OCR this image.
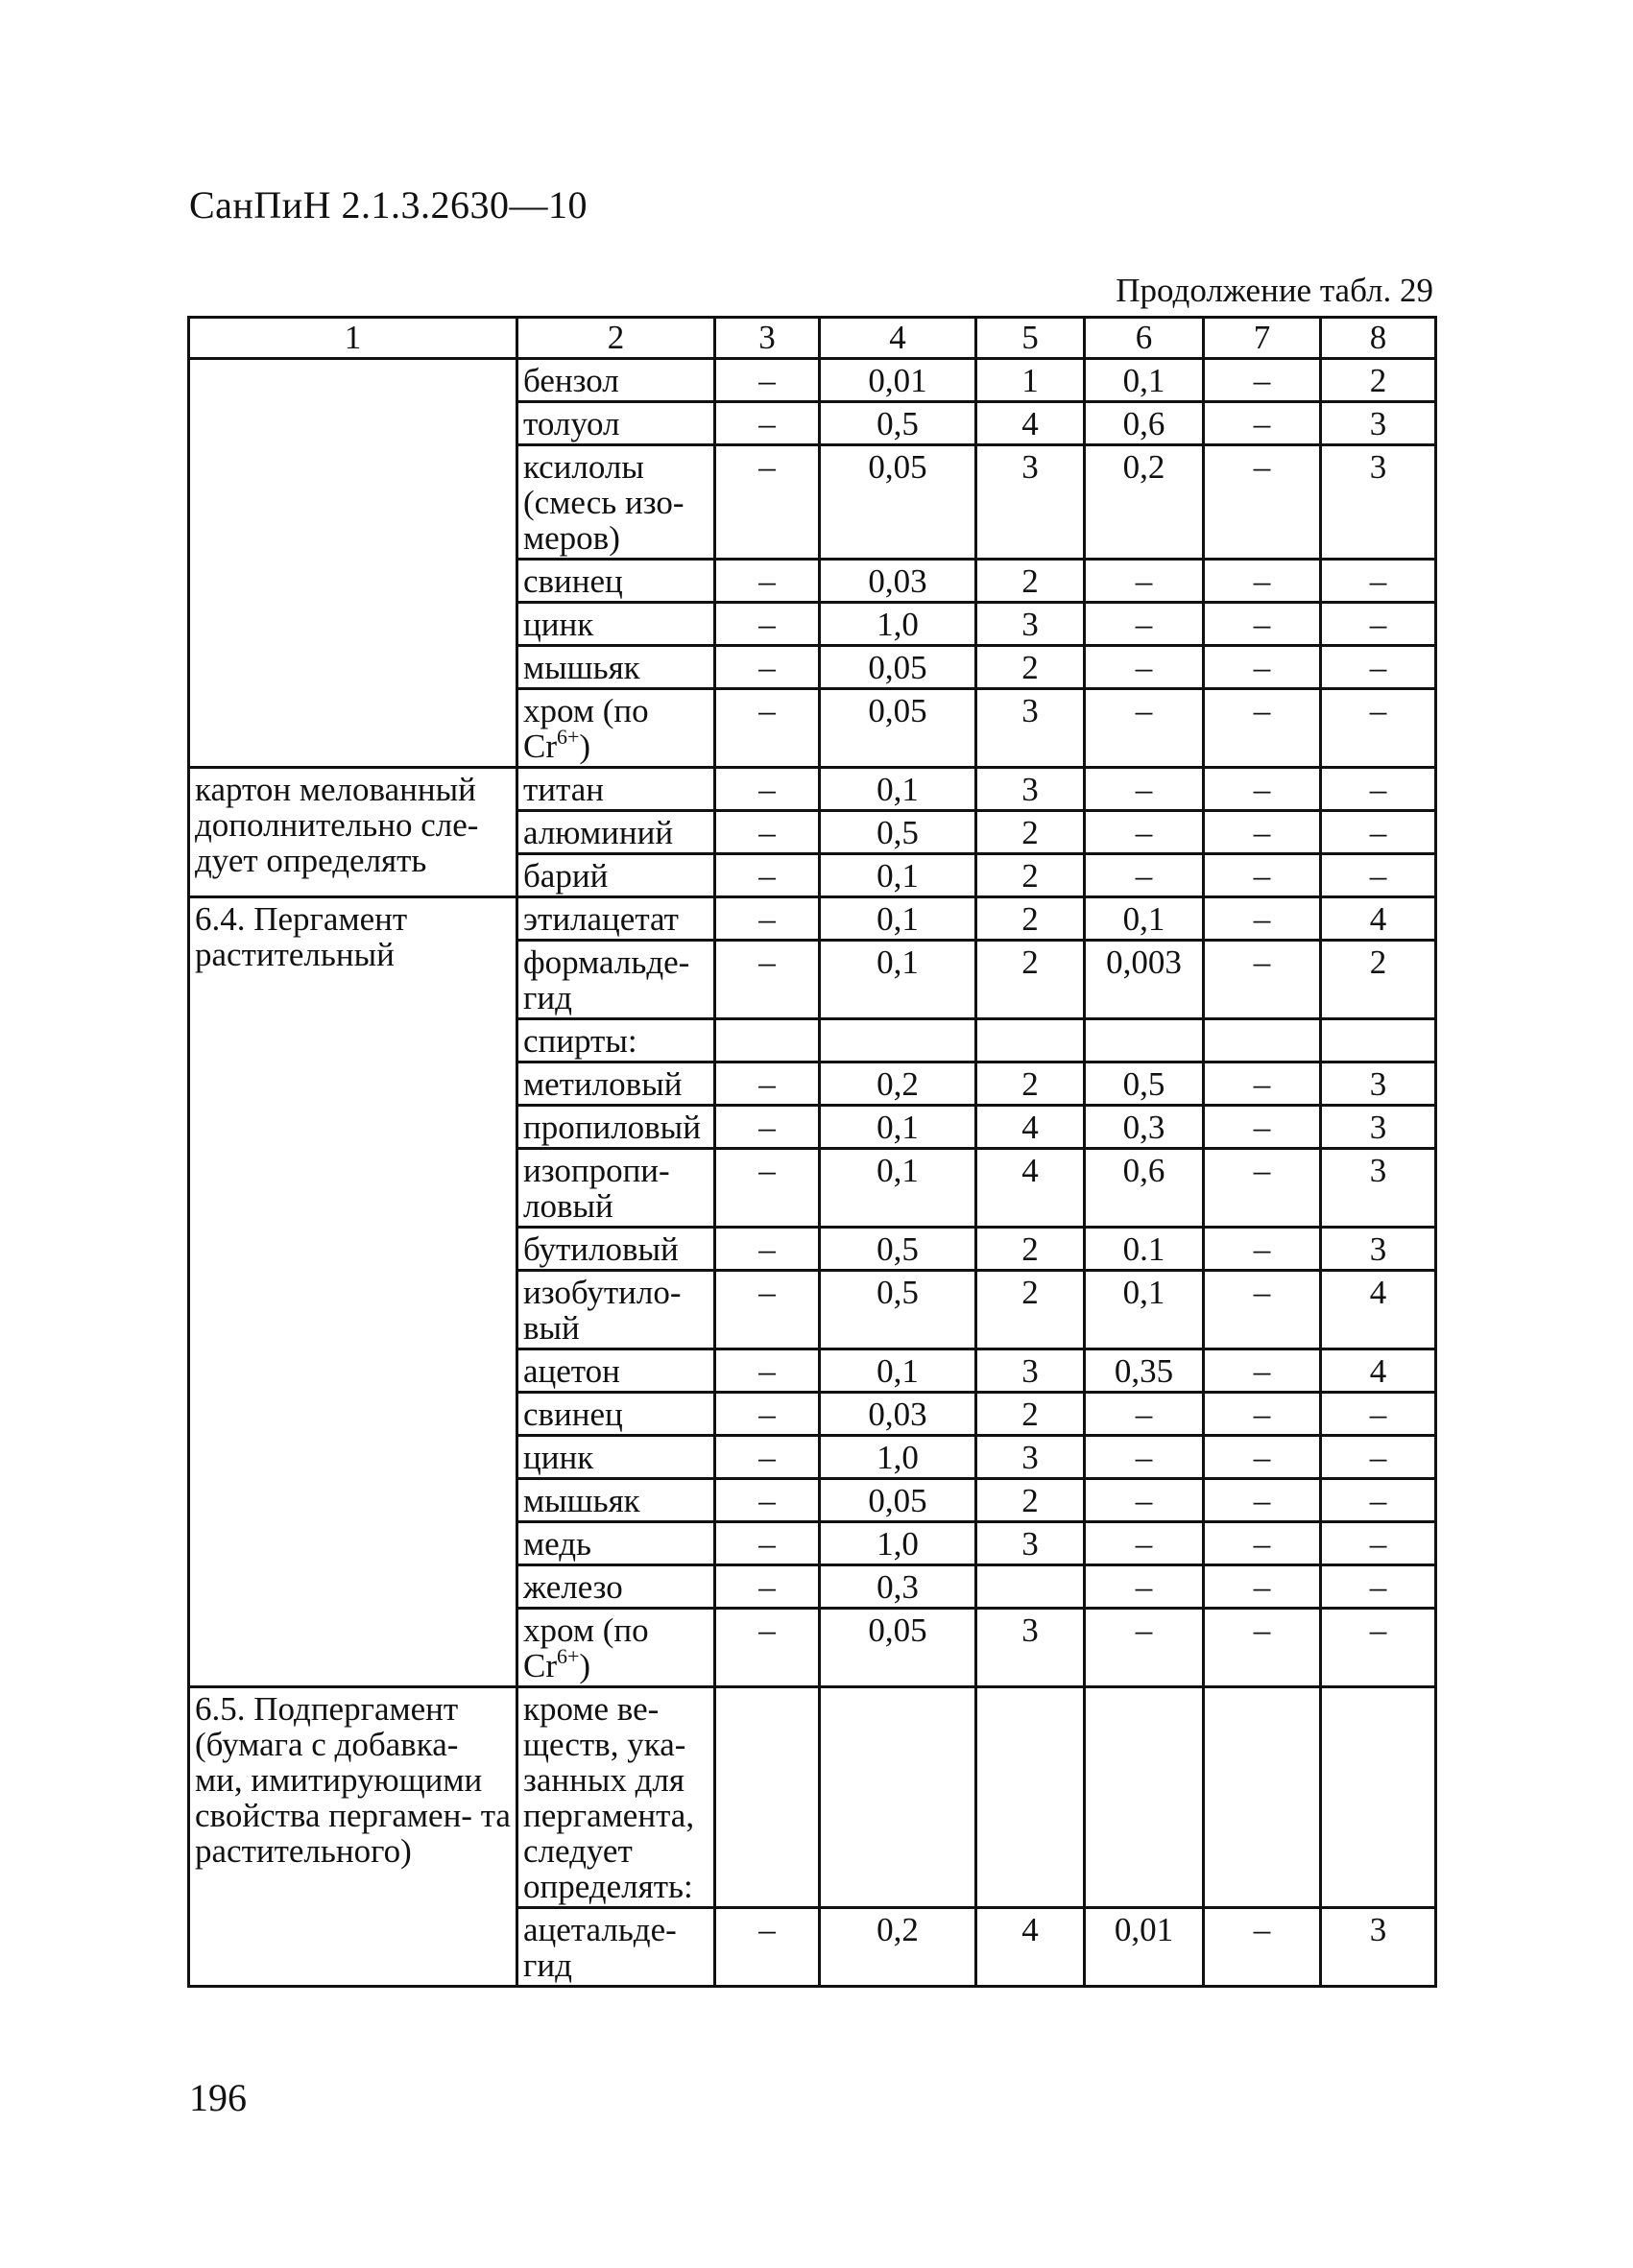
СанПиН 2.1.3.2630—10
Продолжение табл. 29
1	2	3	4	5	6	7	8
	бензол	–	0,01	1	0,1	–	2
	толуол	–	0,5	4	0,6	–	3
	ксилолы (смесь изо- меров)	–	0,05	3	0,2	–	3
	свинец	–	0,03	2	–	–	–
	цинк	–	1,0	3	–	–	–
	мышьяк	–	0,05	2	–	–	–
	хром (по $Cr^{6+}$)	–	0,05	3	–	–	–
картон мелованный дополнительно сле- дует определять	титан	–	0,1	3	–	–	–
	алюминий	–	0,5	2	–	–	–
	барий	–	0,1	2	–	–	–
6.4. Пергамент растительный	этилацетат	–	0,1	2	0,1	–	4
	формальде- гид	–	0,1	2	0,003	–	2
	спирты:						
	метиловый	–	0,2	2	0,5	–	3
	пропиловый	–	0,1	4	0,3	–	3
	изопропи- ловый	–	0,1	4	0,6	–	3
	бутиловый	–	0,5	2	0.1	–	3
	изобутило- вый	–	0,5	2	0,1	–	4
	ацетон	–	0,1	3	0,35	–	4
	свинец	–	0,03	2	–	–	–
	цинк	–	1,0	3	–	–	–
	мышьяк	–	0,05	2	–	–	–
	медь	–	1,0	3	–	–	–
	железо	–	0,3		–	–	–
	хром (по $Cr^{6+}$)	–	0,05	3	–	–	–
6.5. Подпергамент (бумага с добавка- ми, имитирующими свойства пергамен- та растительного)	кроме ве- ществ, ука- занных для пергамента, следует определять:						
	ацетальде- гид	–	0,2	4	0,01	–	3
196
